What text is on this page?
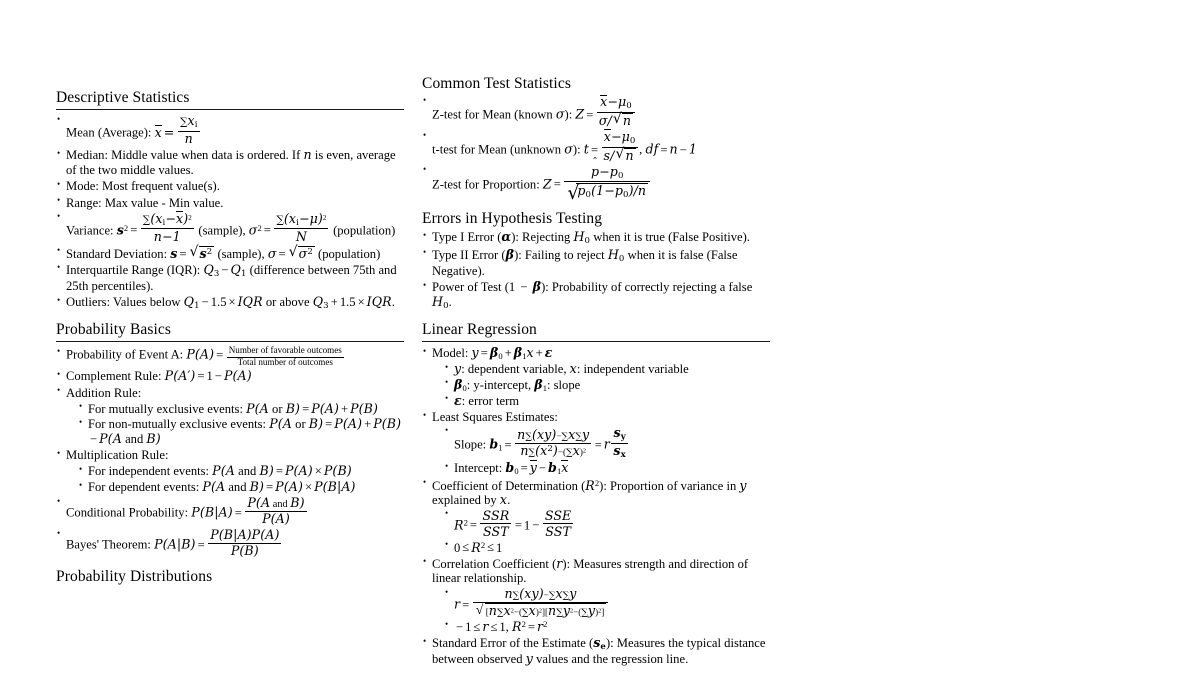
Descriptive Statistics
• Mean (Average): $x = \frac{\sum x_i}{n}$
• Median: Middle value when data is ordered. If n is even, average of the two middle values.
• Mode: Most frequent value(s).
• Range: Max value - Min value.
• Variance: $s^2 = \frac{\sum(x_i-x)^2}{n-1}$ (sample), $\sigma^2 = \frac{\sum(x_i-\mu)^2}{N}$ (population)
• Standard Deviation: s = √ $s^2$ (sample), σ = √ $\sigma^2$ (population)
• Interquartile Range (IQR): $Q_3 - Q_1$ (difference between 75th and 25th percentiles).
• Outliers: Values below $Q_1 - 1.5$ × IQR or above $Q_3 + 1.5$ × IQR.
Probability Basics
• Probability of Event A: $P(A) = \frac{\text{Number of favorable outcomes}}{\text{Total number of outcomes}}$
• Complement Rule: P(A′) = 1 − P(A)
• Addition Rule:
• For mutually exclusive events: P(A or B) = P(A) + P(B)
• For non-mutually exclusive events: P(A or B) = P(A) + P(B)− P(A and B)
• Multiplication Rule:
• For independent events: P(A and B) = P(A) × P(B)
• For dependent events: P(A and B) = P(A) × P(B|A)
• Conditional Probability: $P(B|A) = \frac{\text{P(A and B)}}{P(A)}$
• Bayes' Theorem: $P(A|B) = \frac{P(B|A)P(A)}{P(B)}$
Probability Distributions
Common Test Statistics
• Z-test for Mean (known σ): $Z = \frac{x-\mu_0}{\sigma/ √ n}$
• t-test for Mean (unknown σ): $t = \frac{x-\mu_0}{s/ √ n}$ , df = n − 1
• Z-test for Proportion: Z = p $ˆ-p_0$
√ $p_0(1-p_0)/n$
Errors in Hypothesis Testing
• Type I Error (α): Rejecting $H_0$ when it is true (False Positive).
• Type II Error (β): Failing to reject $H_0$ when it is false (False Negative).
• Power of Test (1 − β): Probability of correctly rejecting a false $H_0$.
Linear Regression
• Model: $y = \beta_0 + \beta_1x + \varepsilon$
• y: dependent variable, x: independent variable
• $\beta_0$: y-intercept, $\beta_1$: slope
• ε: error term
• Least Squares Estimates:
• Slope: $b_1 = \frac{n\sum(xy)-\sum x\sum y}{n\sum(x^2)-(\sum x)^2} = r \frac{s_y}{s_x}$
• Intercept: $b_0 = y - b_1x$
• Coefficient of Determination $(R^2)$: Proportion of variance in y explained by x.
• $R^2 = \frac{\text{SSR}}{\text{SST}} = 1 - \frac{\text{SSE}}{\text{SST}}$
• $0 \le R^2 \le 1$
• Correlation Coefficient (r): Measures strength and direction of linear relationship.
• r = n∑(xy)−∑x∑y
√ $[n\sum x^2-(\sum x)^2][n\sum y^2-(\sum y)^2]$
• − 1 ≤ r ≤ 1, $R^2 = r^2$
• Standard Error of the Estimate $(s_e)$: Measures the typical distance between observed y values and the regression line.
